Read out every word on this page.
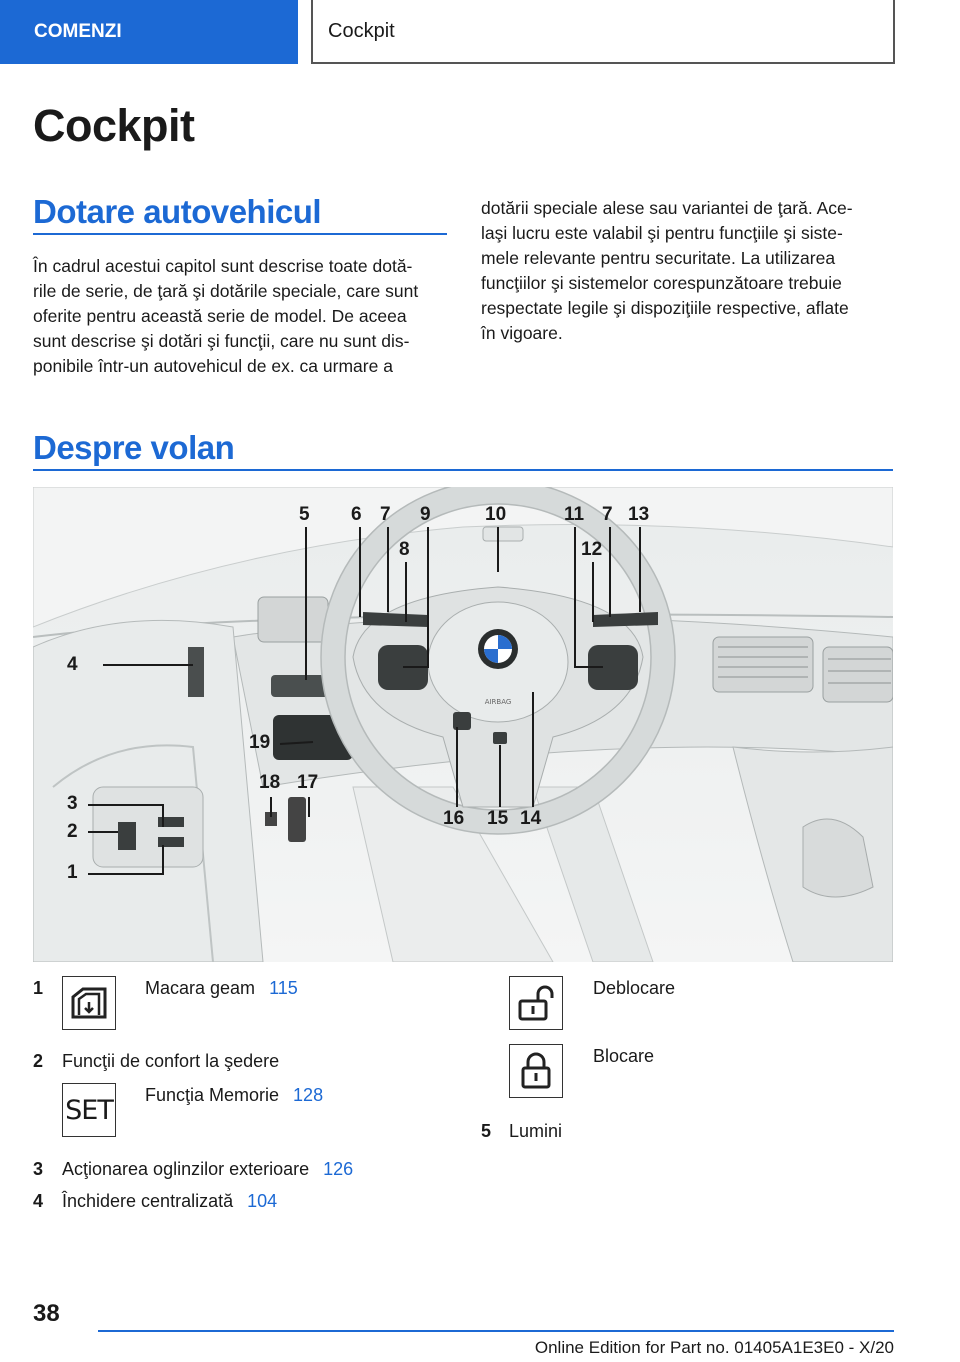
COMENZI	Cockpit
Cockpit
Dotare autovehicul
În cadrul acestui capitol sunt descrise toate dotă-
rile de serie, de ţară şi dotările speciale, care sunt
oferite pentru această serie de model. De aceea
sunt descrise şi dotări şi funcţii, care nu sunt dis-
ponibile într-un autovehicul de ex. ca urmare a
dotării speciale alese sau variantei de ţară. Ace-
laşi lucru este valabil şi pentru funcţiile şi siste-
mele relevante pentru securitate. La utilizarea
funcţiilor şi sistemelor corespunzătoare trebuie
respectate legile şi dispoziţiile respective, aflate
în vigoare.
Despre volan
AIRBAG
5 6 7 9	10	11 7 13
8	12
4
19
3
2
1
18 17
16 15 14
1	Macara geam 115
2 Funcţii de confort la şedere
SET Funcţia Memorie 128
3 Acţionarea oglinzilor exterioare 126
4 Închidere centralizată 104
Deblocare
Blocare
5 Lumini
38
Online Edition for Part no. 01405A1E3E0 - X/20
